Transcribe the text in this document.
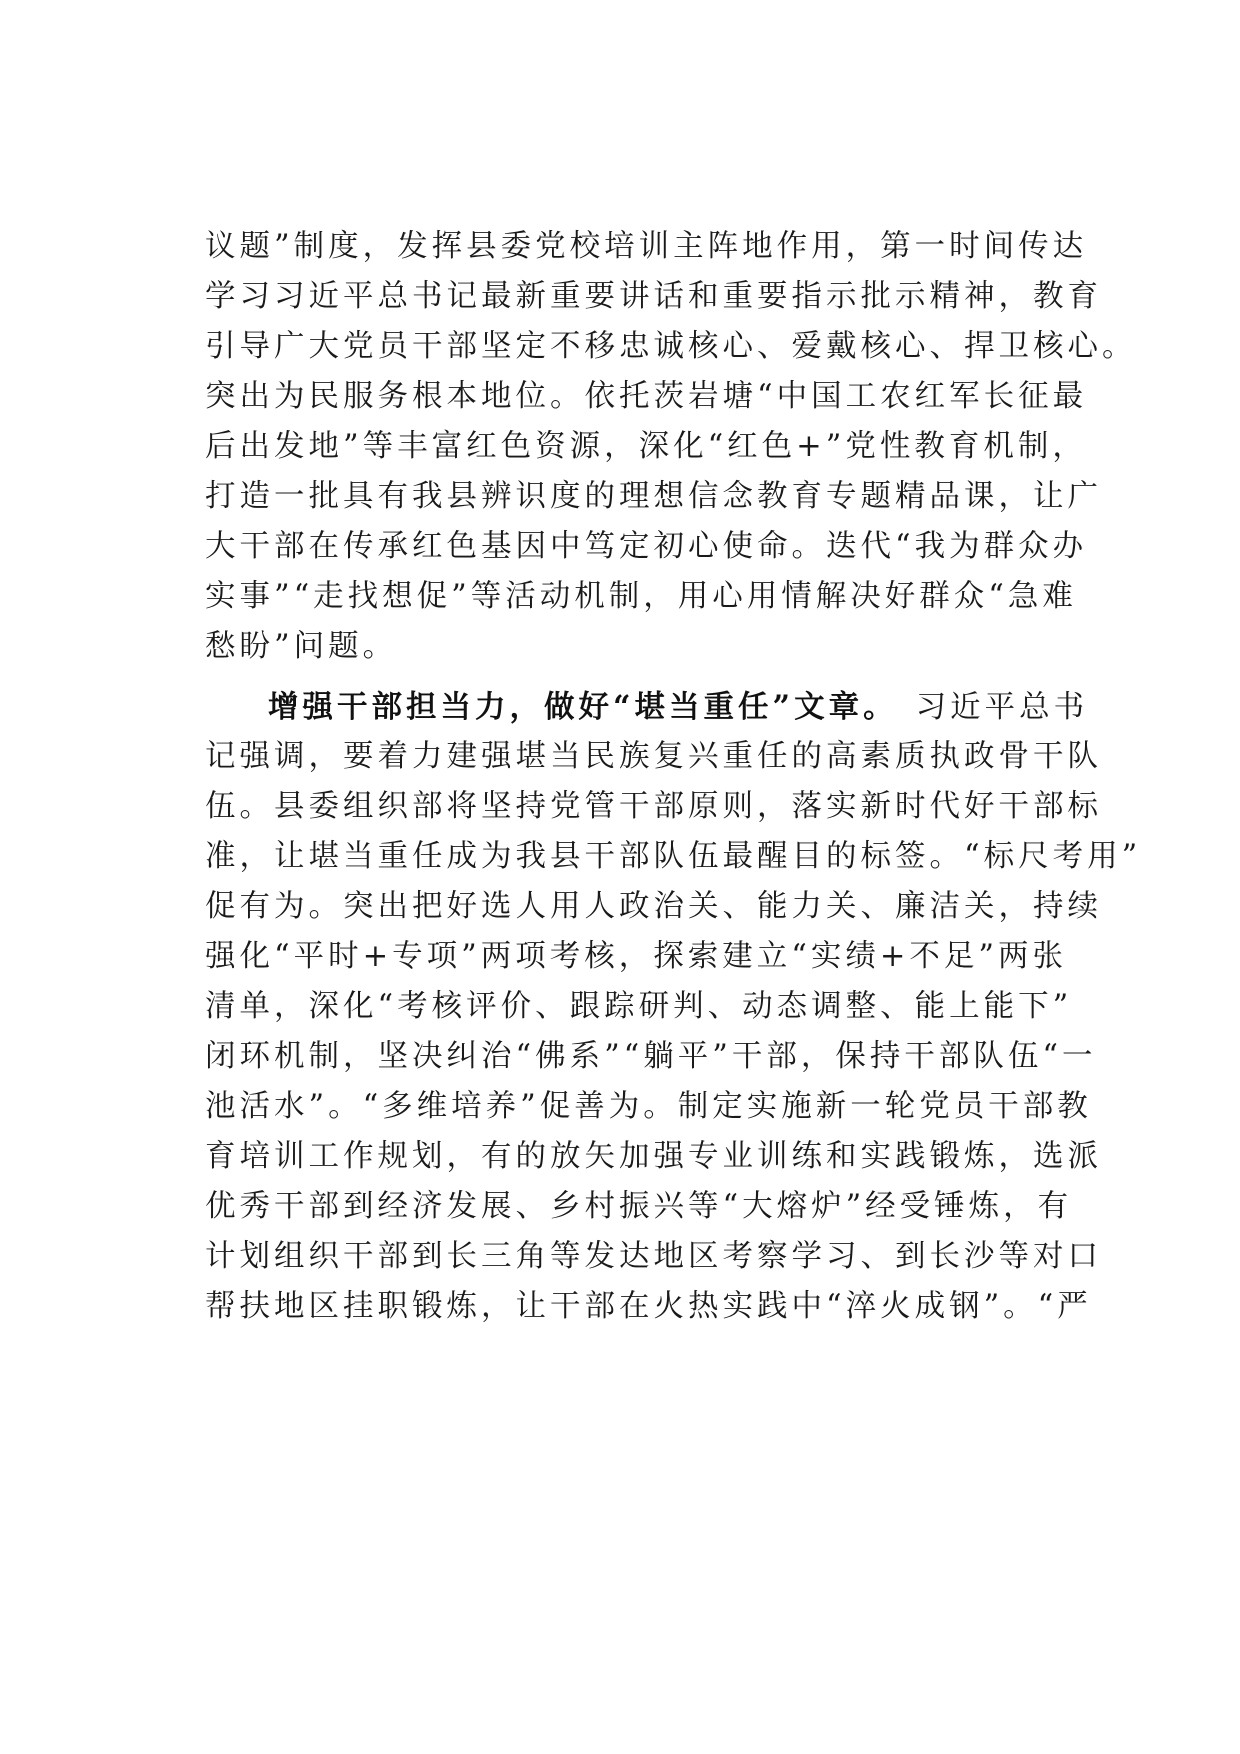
议题”制度，发挥县委党校培训主阵地作用，第一时间传达
学习习近平总书记最新重要讲话和重要指示批示精神，教育
引导广大党员干部坚定不移忠诚核心、爱戴核心、捍卫核心。
突出为民服务根本地位。依托茨岩塘“中国工农红军长征最
后出发地”等丰富红色资源，深化“红色+”党性教育机制，
打造一批具有我县辨识度的理想信念教育专题精品课，让广
大干部在传承红色基因中笃定初心使命。迭代“我为群众办
实事”“走找想促”等活动机制，用心用情解决好群众“急难
愁盼”问题。
增强干部担当力，做好“堪当重任”文章。 习近平总书
记强调，要着力建强堪当民族复兴重任的高素质执政骨干队
伍。县委组织部将坚持党管干部原则，落实新时代好干部标
准，让堪当重任成为我县干部队伍最醒目的标签。“标尺考用”
促有为。突出把好选人用人政治关、能力关、廉洁关，持续
强化“平时+专项”两项考核，探索建立“实绩+不足”两张
清单，深化“考核评价、跟踪研判、动态调整、能上能下”
闭环机制，坚决纠治“佛系”“躺平”干部，保持干部队伍“一
池活水”。“多维培养”促善为。制定实施新一轮党员干部教
育培训工作规划，有的放矢加强专业训练和实践锻炼，选派
优秀干部到经济发展、乡村振兴等“大熔炉”经受锤炼，有
计划组织干部到长三角等发达地区考察学习、到长沙等对口
帮扶地区挂职锻炼，让干部在火热实践中“淬火成钢”。“严
